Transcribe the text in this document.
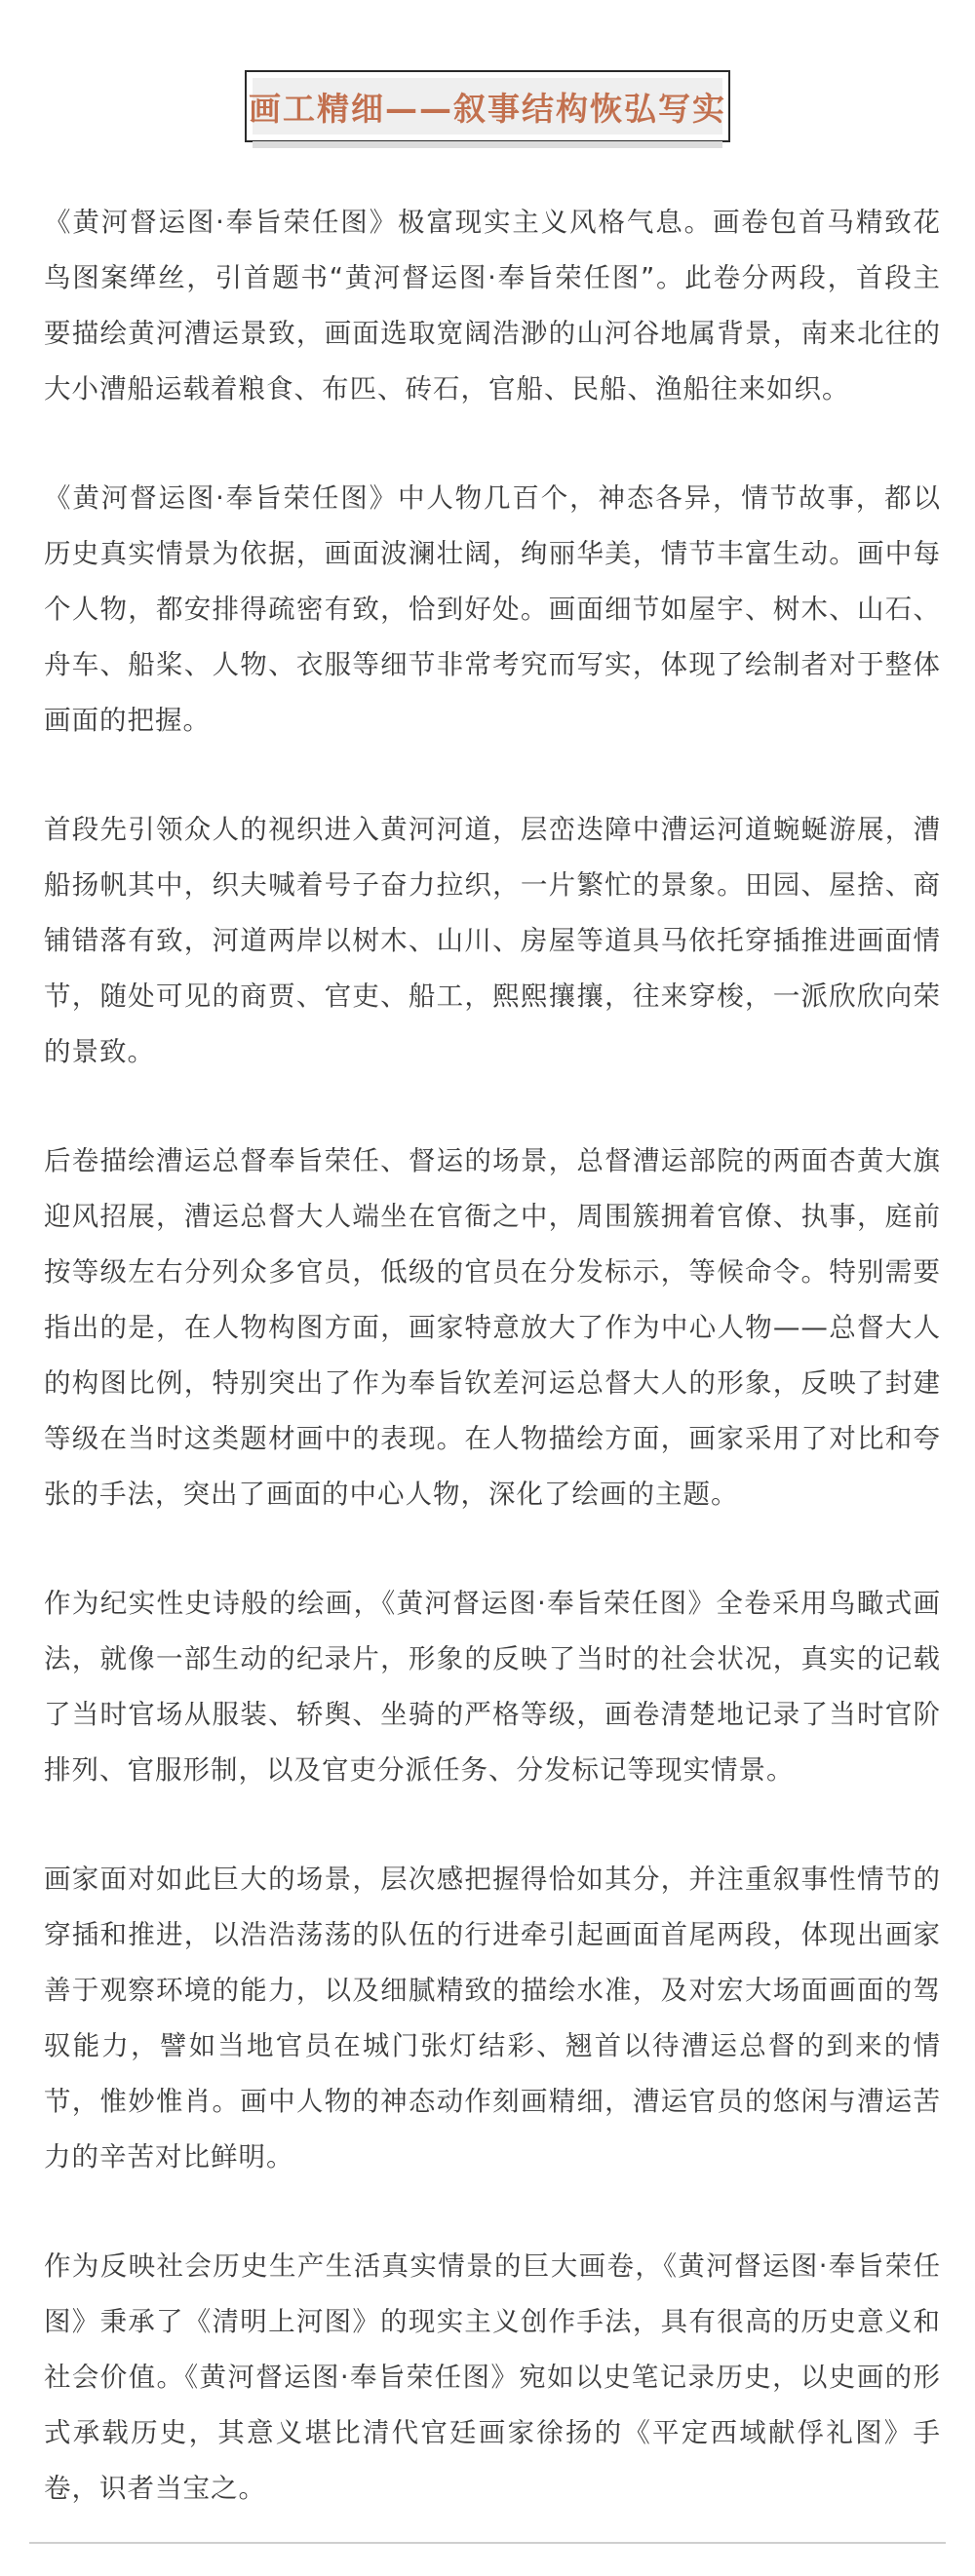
画工精细——叙事结构恢弘写实

《黄河督运图·奉旨荣任图》极富现实主义风格气息。画卷包首马精致花鸟图案缂丝，引首题书“黄河督运图·奉旨荣任图”。此卷分两段，首段主要描绘黄河漕运景致，画面选取宽阔浩渺的山河谷地属背景，南来北往的大小漕船运载着粮食、布匹、砖石，官船、民船、渔船往来如织。

《黄河督运图·奉旨荣任图》中人物几百个，神态各异，情节故事，都以历史真实情景为依据，画面波澜壮阔，绚丽华美，情节丰富生动。画中每个人物，都安排得疏密有致，恰到好处。画面细节如屋宇、树木、山石、舟车、船桨、人物、衣服等细节非常考究而写实，体现了绘制者对于整体画面的把握。

首段先引领众人的视织进入黄河河道，层峦迭障中漕运河道蜿蜒游展，漕船扬帆其中，织夫喊着号子奋力拉织，一片繁忙的景象。田园、屋捨、商铺错落有致，河道两岸以树木、山川、房屋等道具马依托穿插推进画面情节，随处可见的商贾、官吏、船工，熙熙攘攘，往来穿梭，一派欣欣向荣的景致。

后卷描绘漕运总督奉旨荣任、督运的场景，总督漕运部院的两面杏黄大旗迎风招展，漕运总督大人端坐在官衙之中，周围簇拥着官僚、执事，庭前按等级左右分列众多官员，低级的官员在分发标示，等候命令。特别需要指出的是，在人物构图方面，画家特意放大了作为中心人物——总督大人的构图比例，特别突出了作为奉旨钦差河运总督大人的形象，反映了封建等级在当时这类题材画中的表现。在人物描绘方面，画家采用了对比和夸张的手法，突出了画面的中心人物，深化了绘画的主题。

作为纪实性史诗般的绘画，《黄河督运图·奉旨荣任图》全卷采用鸟瞰式画法，就像一部生动的纪录片，形象的反映了当时的社会状况，真实的记载了当时官场从服装、轿舆、坐骑的严格等级，画卷清楚地记录了当时官阶排列、官服形制，以及官吏分派任务、分发标记等现实情景。

画家面对如此巨大的场景，层次感把握得恰如其分，并注重叙事性情节的穿插和推进，以浩浩荡荡的队伍的行进牵引起画面首尾两段，体现出画家善于观察环境的能力，以及细腻精致的描绘水准，及对宏大场面画面的驾驭能力，譬如当地官员在城门张灯结彩、翘首以待漕运总督的到来的情节，惟妙惟肖。画中人物的神态动作刻画精细，漕运官员的悠闲与漕运苦力的辛苦对比鲜明。

作为反映社会历史生产生活真实情景的巨大画卷，《黄河督运图·奉旨荣任图》秉承了《清明上河图》的现实主义创作手法，具有很高的历史意义和社会价值。《黄河督运图·奉旨荣任图》宛如以史笔记录历史，以史画的形式承载历史，其意义堪比清代官廷画家徐扬的《平定西域献俘礼图》手卷，识者当宝之。
